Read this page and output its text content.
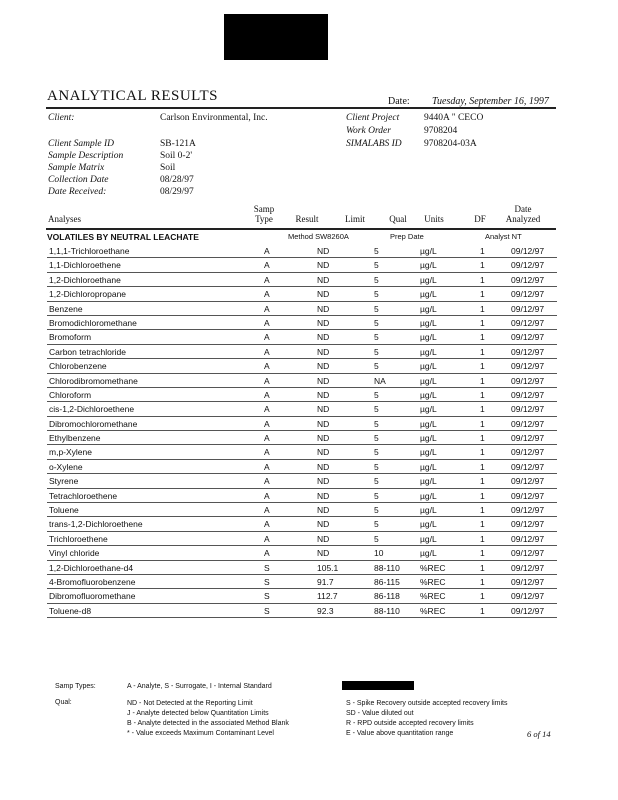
ANALYTICAL RESULTS	Date: Tuesday, September 16, 1997
Client:	Carlson Environmental, Inc.	Client Project	9440A " CECO
Work Order	9708204
SIMALABS ID 9708204-03A
Client Sample ID	SB-121A
Sample Description	Soil 0-2'
Sample Matrix	Soil
Collection Date	08/28/97
Date Received:	08/29/97
Analyses
Samp Type	Result	Limit	Qual	Units	DF
Date Analyzed
VOLATILES BY NEUTRAL LEACHATE	Method SW8260A	Prep Date	Analyst NT
1,1,1-Trichloroethane	A	ND	5	µg/L	1	09/12/97
1,1-Dichloroethene	A	ND	5	µg/L	1	09/12/97
1,2-Dichloroethane	A	ND	5	µg/L	1	09/12/97
1,2-Dichloropropane	A	ND	5	µg/L	1	09/12/97
Benzene	A	ND	5	µg/L	1	09/12/97
Bromodichloromethane	A	ND	5	µg/L	1	09/12/97
Bromoform	A	ND	5	µg/L	1	09/12/97
Carbon tetrachloride	A	ND	5	µg/L	1	09/12/97
Chlorobenzene	A	ND	5	µg/L	1	09/12/97
Chlorodibromomethane	A	ND	NA	µg/L	1	09/12/97
Chloroform	A	ND	5	µg/L	1	09/12/97
cis-1,2-Dichloroethene	A	ND	5	µg/L	1	09/12/97
Dibromochloromethane	A	ND	5	µg/L	1	09/12/97
Ethylbenzene	A	ND	5	µg/L	1	09/12/97
m,p-Xylene	A	ND	5	µg/L	1	09/12/97
o-Xylene	A	ND	5	µg/L	1	09/12/97
Styrene	A	ND	5	µg/L	1	09/12/97
Tetrachloroethene	A	ND	5	µg/L	1	09/12/97
Toluene	A	ND	5	µg/L	1	09/12/97
trans-1,2-Dichloroethene	A	ND	5	µg/L	1	09/12/97
Trichloroethene	A	ND	5	µg/L	1	09/12/97
Vinyl chloride	A	ND	10	µg/L	1	09/12/97
1,2-Dichloroethane-d4	S	105.1	88-110 %REC	1	09/12/97
4-Bromofluorobenzene	S	91.7	86-115 %REC	1	09/12/97
Dibromofluoromethane	S	112.7	86-118 %REC	1	09/12/97
Toluene-d8	S	92.3	88-110 %REC	1	09/12/97
Samp Types:	A - Analyte, S - Surrogate, I - Internal Standard
Qual:	ND - Not Detected at the Reporting Limit
J - Analyte detected below Quantitation Limits
B - Analyte detected in the associated Method Blank
* - Value exceeds Maximum Contaminant Level
S - Spike Recovery outside accepted recovery limits
SD - Value diluted out
R - RPD outside accepted recovery limits
E - Value above quantitation range	6 of 14
